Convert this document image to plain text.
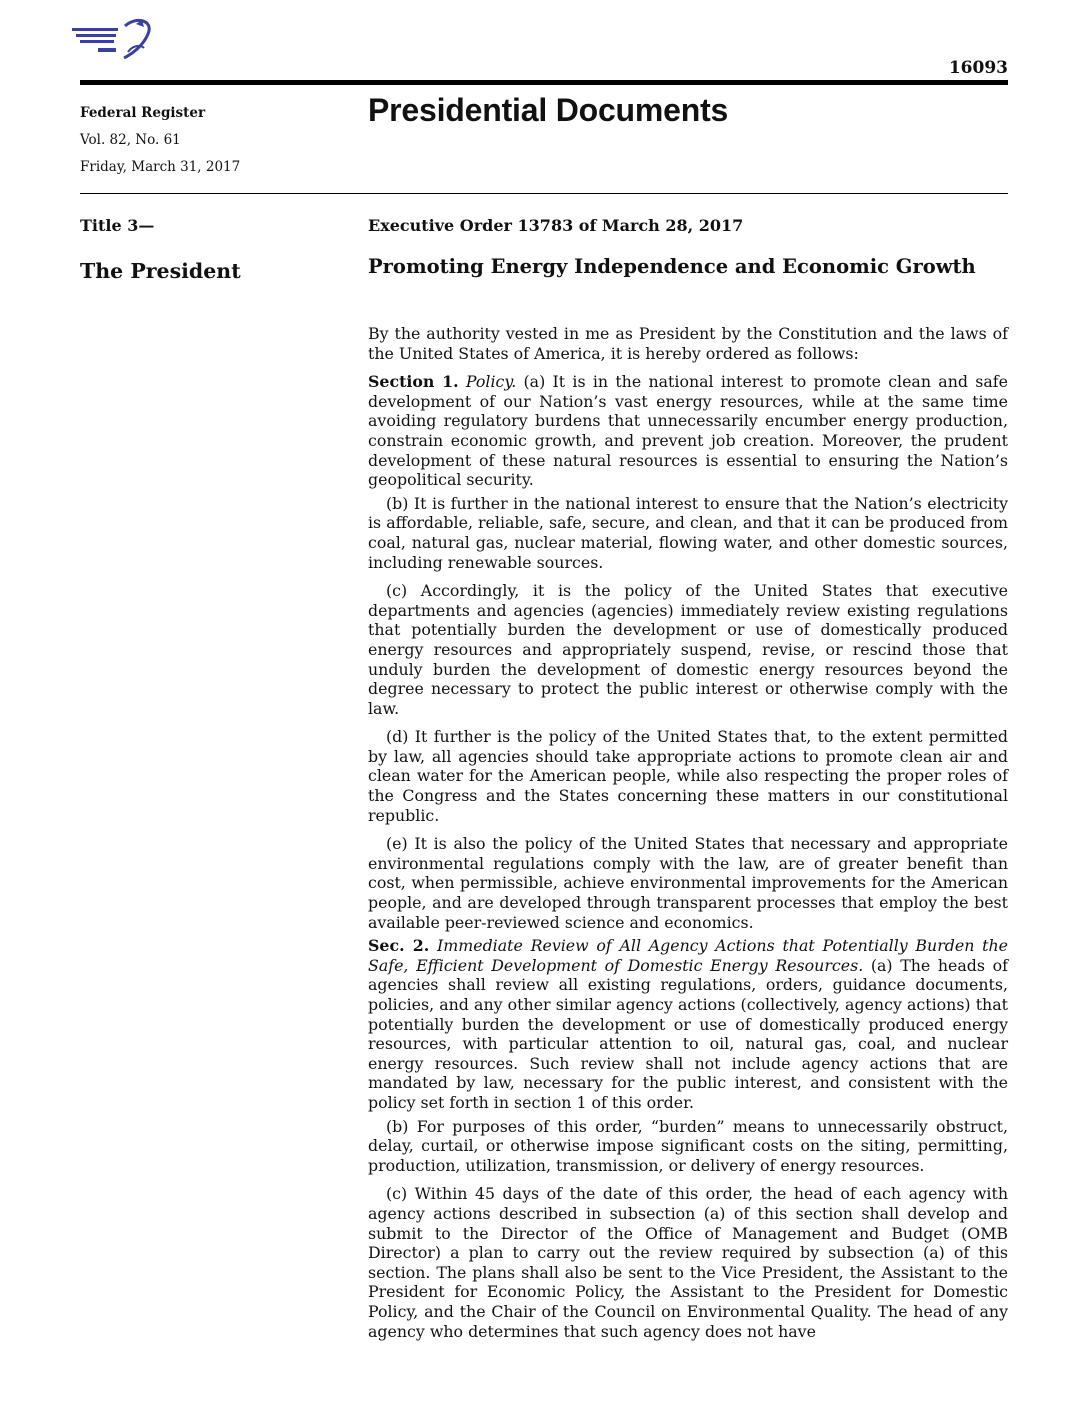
16093
Federal Register
Vol. 82, No. 61
Friday, March 31, 2017
Presidential Documents
Title 3—
The President
Executive Order 13783 of March 28, 2017
Promoting Energy Independence and Economic Growth

By the authority vested in me as President by the Constitution and the laws of the United States of America, it is hereby ordered as follows:

Section 1. Policy. (a) It is in the national interest to promote clean and safe development of our Nation’s vast energy resources, while at the same time avoiding regulatory burdens that unnecessarily encumber energy production, constrain economic growth, and prevent job creation. Moreover, the prudent development of these natural resources is essential to ensuring the Nation’s geopolitical security.

(b) It is further in the national interest to ensure that the Nation’s electricity is affordable, reliable, safe, secure, and clean, and that it can be produced from coal, natural gas, nuclear material, flowing water, and other domestic sources, including renewable sources.

(c) Accordingly, it is the policy of the United States that executive departments and agencies (agencies) immediately review existing regulations that potentially burden the development or use of domestically produced energy resources and appropriately suspend, revise, or rescind those that unduly burden the development of domestic energy resources beyond the degree necessary to protect the public interest or otherwise comply with the law.

(d) It further is the policy of the United States that, to the extent permitted by law, all agencies should take appropriate actions to promote clean air and clean water for the American people, while also respecting the proper roles of the Congress and the States concerning these matters in our constitutional republic.

(e) It is also the policy of the United States that necessary and appropriate environmental regulations comply with the law, are of greater benefit than cost, when permissible, achieve environmental improvements for the American people, and are developed through transparent processes that employ the best available peer-reviewed science and economics.

Sec. 2. Immediate Review of All Agency Actions that Potentially Burden the Safe, Efficient Development of Domestic Energy Resources. (a) The heads of agencies shall review all existing regulations, orders, guidance documents, policies, and any other similar agency actions (collectively, agency actions) that potentially burden the development or use of domestically produced energy resources, with particular attention to oil, natural gas, coal, and nuclear energy resources. Such review shall not include agency actions that are mandated by law, necessary for the public interest, and consistent with the policy set forth in section 1 of this order.

(b) For purposes of this order, “burden” means to unnecessarily obstruct, delay, curtail, or otherwise impose significant costs on the siting, permitting, production, utilization, transmission, or delivery of energy resources.

(c) Within 45 days of the date of this order, the head of each agency with agency actions described in subsection (a) of this section shall develop and submit to the Director of the Office of Management and Budget (OMB Director) a plan to carry out the review required by subsection (a) of this section. The plans shall also be sent to the Vice President, the Assistant to the President for Economic Policy, the Assistant to the President for Domestic Policy, and the Chair of the Council on Environmental Quality. The head of any agency who determines that such agency does not have
